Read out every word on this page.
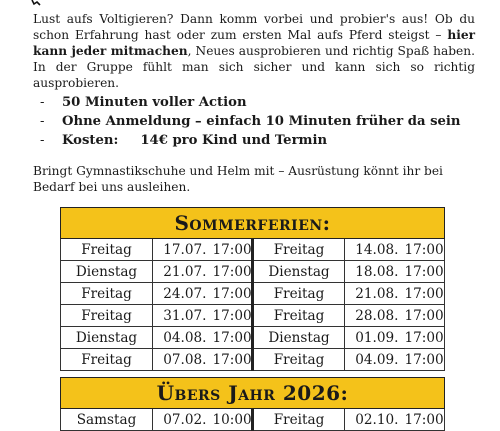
Lust aufs Voltigieren? Dann komm vorbei und probier's aus! Ob du schon Erfahrung hast oder zum ersten Mal aufs Pferd steigst – hier kann jeder mitmachen, Neues ausprobieren und richtig Spaß haben. In der Gruppe fühlt man sich sicher und kann sich so richtig ausprobieren.

- 50 Minuten voller Action
- Ohne Anmeldung – einfach 10 Minuten früher da sein
- Kosten: 14€ pro Kind und Termin

Bringt Gymnastikschuhe und Helm mit – Ausrüstung könnt ihr bei Bedarf bei uns ausleihen.

Sommerferien:					
Freitag	17.07.	17:00	Freitag	14.08.	17:00
Dienstag	21.07.	17:00	Dienstag	18.08.	17:00
Freitag	24.07.	17:00	Freitag	21.08.	17:00
Freitag	31.07.	17:00	Freitag	28.08.	17:00
Dienstag	04.08.	17:00	Dienstag	01.09.	17:00
Freitag	07.08.	17:00	Freitag	04.09.	17:00
Übers Jahr 2026:
Samstag	07.02.	10:00	Freitag	02.10.	17:00
